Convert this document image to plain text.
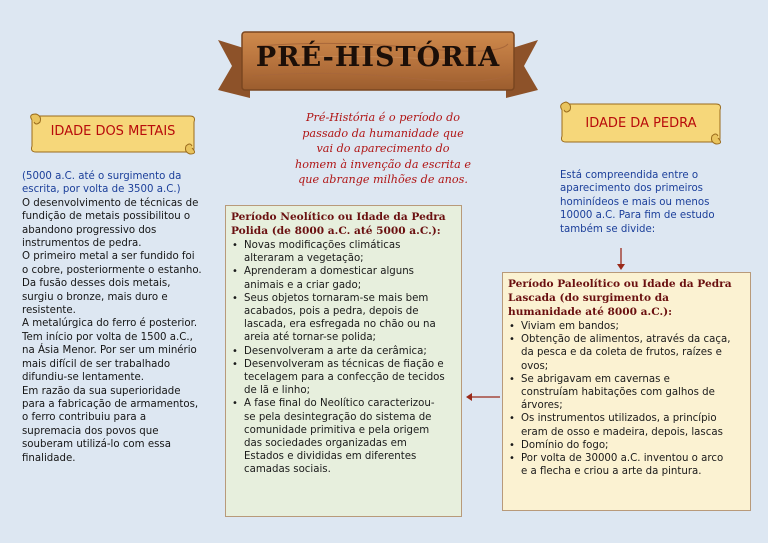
PRÉ-HISTÓRIA
IDADE DOS METAIS
IDADE DA PEDRA
Pré-História é o período do
passado da humanidade que
vai do aparecimento do
homem à invenção da escrita e
que abrange milhões de anos.
(5000 a.C. até o surgimento da
escrita, por volta de 3500 a.C.)
O desenvolvimento de técnicas de
fundição de metais possibilitou o
abandono progressivo dos
instrumentos de pedra.
O primeiro metal a ser fundido foi
o cobre, posteriormente o estanho.
Da fusão desses dois metais,
surgiu o bronze, mais duro e
resistente.
A metalúrgica do ferro é posterior.
Tem início por volta de 1500 a.C.,
na Ásia Menor. Por ser um minério
mais difícil de ser trabalhado
difundiu-se lentamente.
Em razão da sua superioridade
para a fabricação de armamentos,
o ferro contribuiu para a
supremacia dos povos que
souberam utilizá-lo com essa
finalidade.
Está compreendida entre o
aparecimento dos primeiros
hominídeos e mais ou menos
10000 a.C. Para fim de estudo
também se divide:
Período Neolítico ou Idade da Pedra
Polida (de 8000 a.C. até 5000 a.C.):
• Novas modificações climáticas
alteraram a vegetação;
• Aprenderam a domesticar alguns
animais e a criar gado;
• Seus objetos tornaram-se mais bem
acabados, pois a pedra, depois de
lascada, era esfregada no chão ou na
areia até tornar-se polida;
• Desenvolveram a arte da cerâmica;
• Desenvolveram as técnicas de fiação e
tecelagem para a confecção de tecidos
de lã e linho;
• A fase final do Neolítico caracterizou-
se pela desintegração do sistema de
comunidade primitiva e pela origem
das sociedades organizadas em
Estados e divididas em diferentes
camadas sociais.
Período Paleolítico ou Idade da Pedra
Lascada (do surgimento da
humanidade até 8000 a.C.):
• Viviam em bandos;
• Obtenção de alimentos, através da caça,
da pesca e da coleta de frutos, raízes e
ovos;
• Se abrigavam em cavernas e
construíam habitações com galhos de
árvores;
• Os instrumentos utilizados, a princípio
eram de osso e madeira, depois, lascas
• Domínio do fogo;
• Por volta de 30000 a.C. inventou o arco
e a flecha e criou a arte da pintura.
